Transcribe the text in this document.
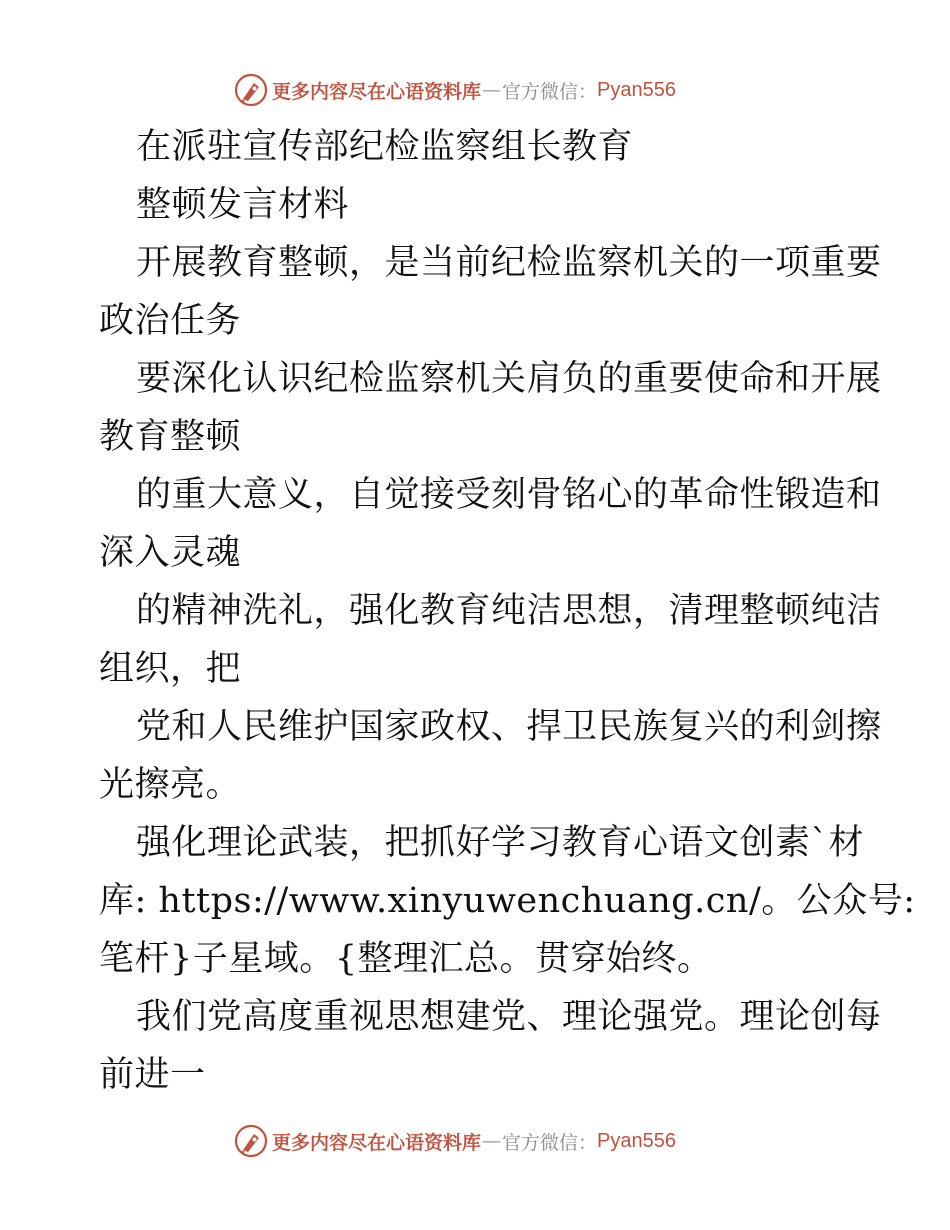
更多内容尽在心语资料库 — 官方微信： Pyan556
在派驻宣传部纪检监察组长教育
整顿发言材料
开展教育整顿，是当前纪检监察机关的一项重要
政治任务
要深化认识纪检监察机关肩负的重要使命和开展
教育整顿
的重大意义，自觉接受刻骨铭心的革命性锻造和
深入灵魂
的精神洗礼，强化教育纯洁思想，清理整顿纯洁
组织，把
党和人民维护国家政权、捍卫民族复兴的利剑擦
光擦亮。
强化理论武装，把抓好学习教育心语文创素`材
库: https://www.xinyuwenchuang.cn/。公众号:
笔杆}子星域。{整理汇总。贯穿始终。
我们党高度重视思想建党、理论强党。理论创每
前进一
更多内容尽在心语资料库 — 官方微信： Pyan556
